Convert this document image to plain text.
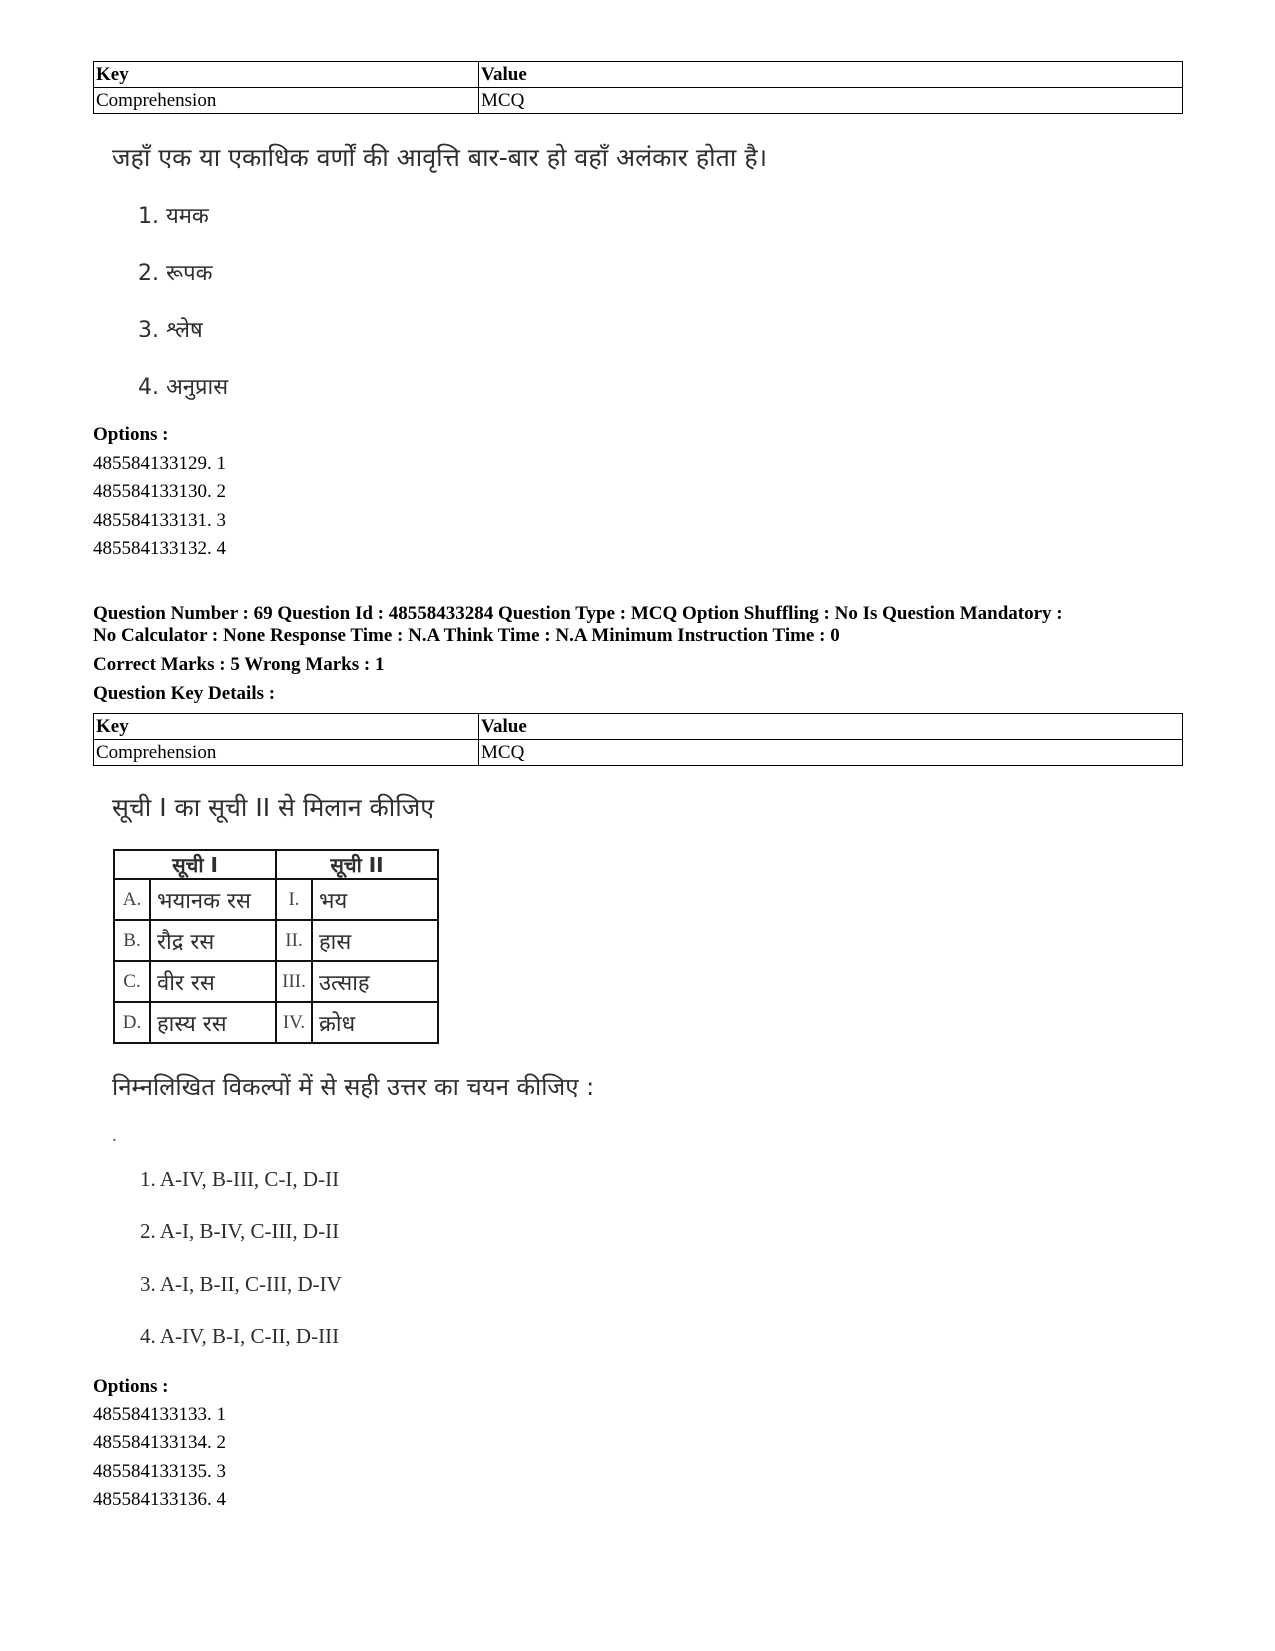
Key	Value
Comprehension	MCQ
जहाँ एक या एकाधिक वर्णों की आवृत्ति बार-बार हो वहाँ अलंकार होता है।
1. यमक
2. रूपक
3. श्लेष
4. अनुप्रास
Options :
485584133129. 1
485584133130. 2
485584133131. 3
485584133132. 4
Question Number : 69 Question Id : 48558433284 Question Type : MCQ Option Shuffling : No Is Question Mandatory :
No Calculator : None Response Time : N.A Think Time : N.A Minimum Instruction Time : 0
Correct Marks : 5 Wrong Marks : 1
Question Key Details :
Key	Value
Comprehension	MCQ
सूची I का सूची II से मिलान कीजिए
सूची I		सूची II	
A.	भयानक रस	I.	भय
B.	रौद्र रस	II.	हास
C.	वीर रस	III.	उत्साह
D.	हास्य रस	IV.	क्रोध
निम्नलिखित विकल्पों में से सही उत्तर का चयन कीजिए :
.
1. A-IV, B-III, C-I, D-II
2. A-I, B-IV, C-III, D-II
3. A-I, B-II, C-III, D-IV
4. A-IV, B-I, C-II, D-III
Options :
485584133133. 1
485584133134. 2
485584133135. 3
485584133136. 4
